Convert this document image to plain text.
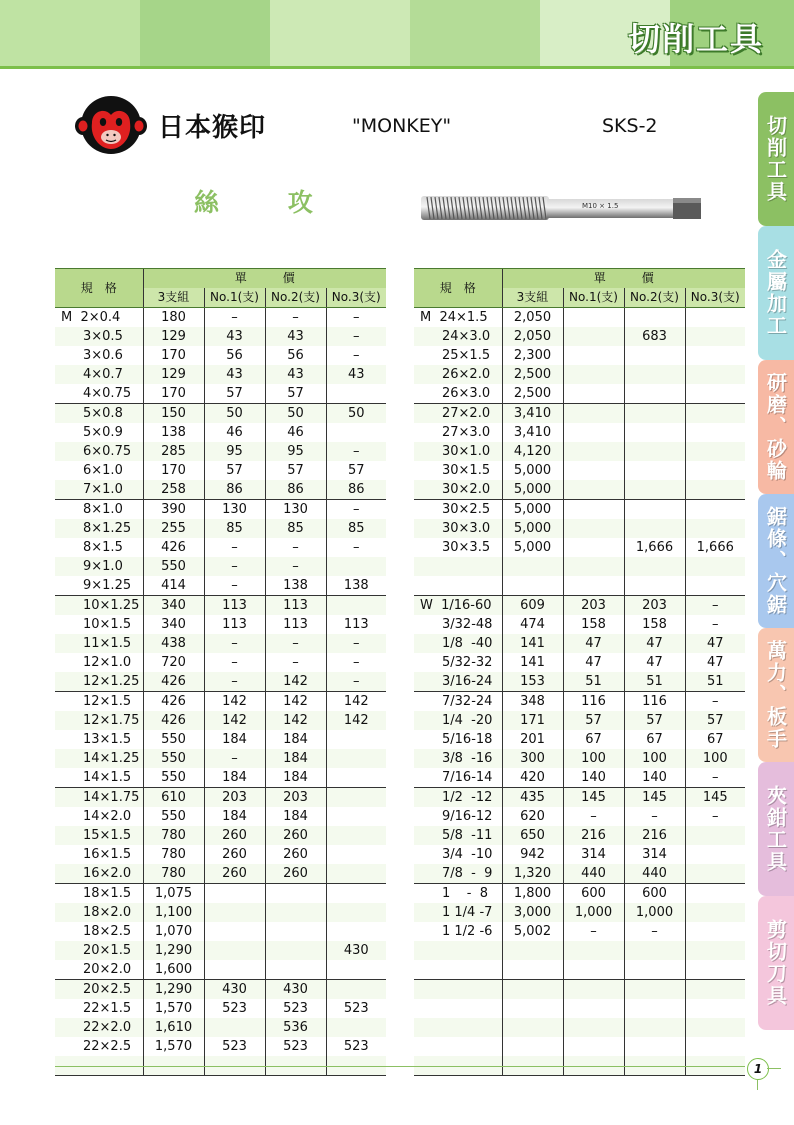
切削工具
切削工具
金屬加工
研磨、砂輪
鋸條、穴鋸
萬力、板手
夾鉗工具
剪切刀具
日本猴印	"MONKEY"	SKS-2
絲 攻	M10 × 1.5
規　格	單　　　價			
	3支組	No.1(支)	No.2(支)	No.3(支)
M  2×0.4	180	–	–	–
3×0.5	129	43	43	–
3×0.6	170	56	56	–
4×0.7	129	43	43	43
4×0.75	170	57	57	
5×0.8	150	50	50	50
5×0.9	138	46	46	
6×0.75	285	95	95	–
6×1.0	170	57	57	57
7×1.0	258	86	86	86
8×1.0	390	130	130	–
8×1.25	255	85	85	85
8×1.5	426	–	–	–
9×1.0	550	–	–	
9×1.25	414	–	138	138
10×1.25	340	113	113	
10×1.5	340	113	113	113
11×1.5	438	–	–	–
12×1.0	720	–	–	–
12×1.25	426	–	142	–
12×1.5	426	142	142	142
12×1.75	426	142	142	142
13×1.5	550	184	184	
14×1.25	550	–	184	
14×1.5	550	184	184	
14×1.75	610	203	203	
14×2.0	550	184	184	
15×1.5	780	260	260	
16×1.5	780	260	260	
16×2.0	780	260	260	
18×1.5	1,075			
18×2.0	1,100			
18×2.5	1,070			
20×1.5	1,290			430
20×2.0	1,600			
20×2.5	1,290	430	430	
22×1.5	1,570	523	523	523
22×2.0	1,610		536	
22×2.5	1,570	523	523	523

規　格	單　　　價			
	3支組	No.1(支)	No.2(支)	No.3(支)
M  24×1.5	2,050			
24×3.0	2,050		683	
25×1.5	2,300			
26×2.0	2,500			
26×3.0	2,500			
27×2.0	3,410			
27×3.0	3,410			
30×1.0	4,120			
30×1.5	5,000			
30×2.0	5,000			
30×2.5	5,000			
30×3.0	5,000			
30×3.5	5,000		1,666	1,666

W  1/16-60	609	203	203	–
3/32-48	474	158	158	–
1/8  -40	141	47	47	47
5/32-32	141	47	47	47
3/16-24	153	51	51	51
7/32-24	348	116	116	–
1/4  -20	171	57	57	57
5/16-18	201	67	67	67
3/8  -16	300	100	100	100
7/16-14	420	140	140	–
1/2  -12	435	145	145	145
9/16-12	620	–	–	–
5/8  -11	650	216	216	
3/4  -10	942	314	314	
7/8  -  9	1,320	440	440	
1    -  8	1,800	600	600	
1 1/4 -7	3,000	1,000	1,000	
1 1/2 -6	5,002	–	–	

1
